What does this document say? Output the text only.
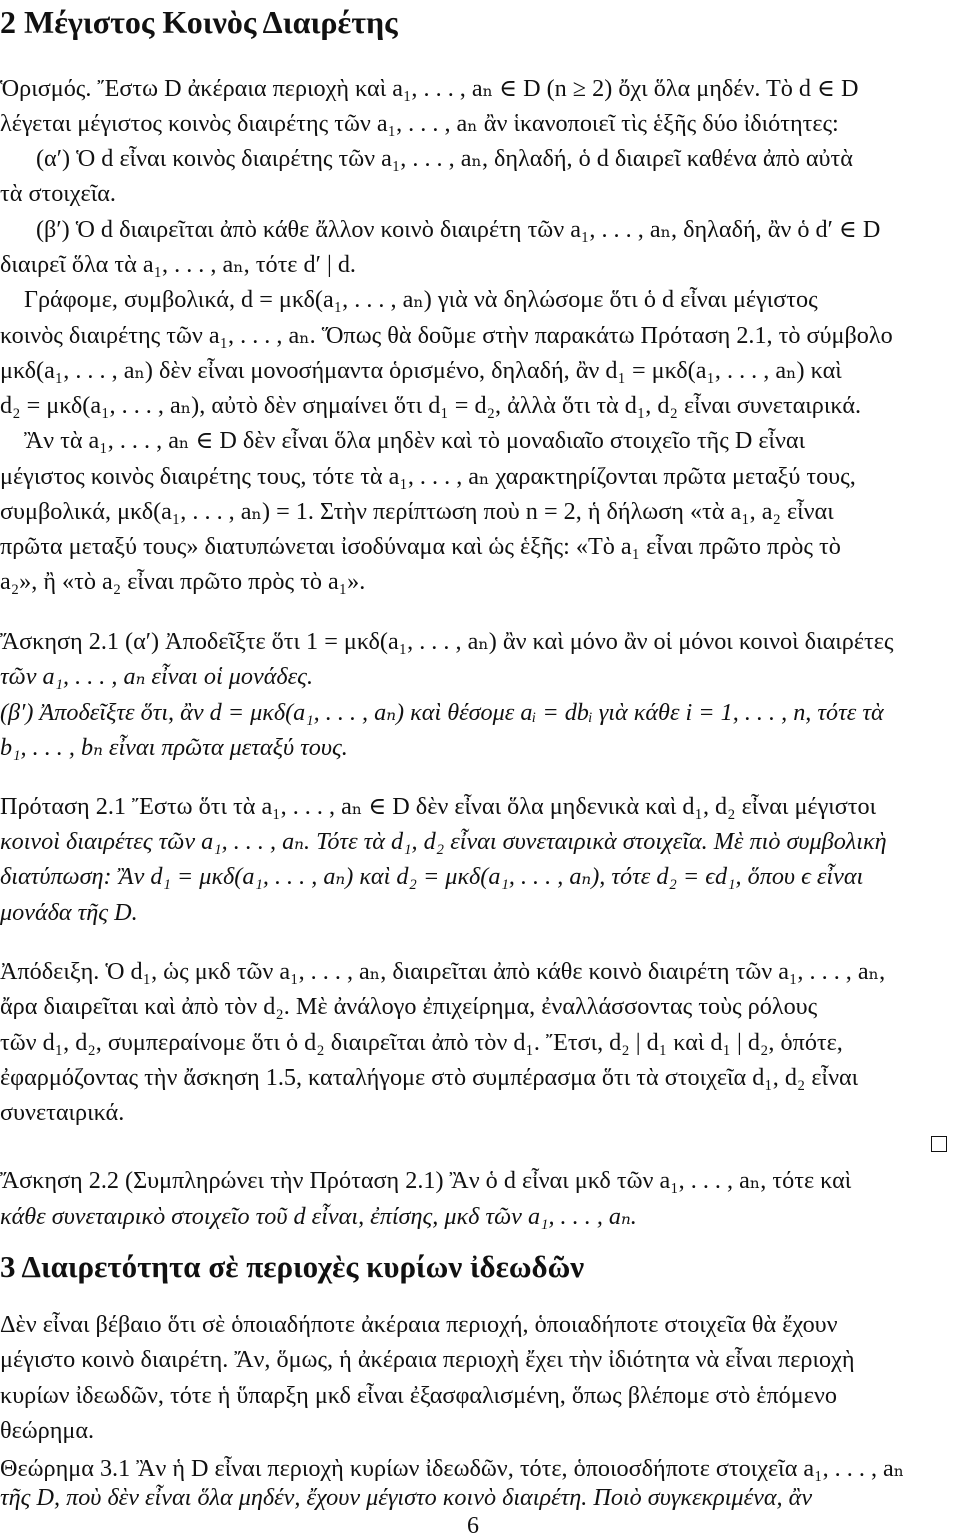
2 Μέγιστος Κοινὸς Διαιρέτης
Ὁρισμός. Ἔστω D ἀκέραια περιοχὴ καὶ a₁, . . . , aₙ ∈ D (n ≥ 2) ὄχι ὅλα μηδέν. Τὸ d ∈ D
λέγεται μέγιστος κοινὸς διαιρέτης τῶν a₁, . . . , aₙ ἂν ἱκανοποιεῖ τὶς ἑξῆς δύο ἰδιότητες:
(α′) Ὁ d εἶναι κοινὸς διαιρέτης τῶν a₁, . . . , aₙ, δηλαδή, ὁ d διαιρεῖ καθένα ἀπὸ αὐτὰ
τὰ στοιχεῖα.
(β′) Ὁ d διαιρεῖται ἀπὸ κάθε ἄλλον κοινὸ διαιρέτη τῶν a₁, . . . , aₙ, δηλαδή, ἂν ὁ d′ ∈ D
διαιρεῖ ὅλα τὰ a₁, . . . , aₙ, τότε d′ | d.
Γράφομε, συμβολικά, d = μκδ(a₁, . . . , aₙ) γιὰ νὰ δηλώσομε ὅτι ὁ d εἶναι μέγιστος
κοινὸς διαιρέτης τῶν a₁, . . . , aₙ. Ὅπως θὰ δοῦμε στὴν παρακάτω Πρόταση 2.1, τὸ σύμβολο
μκδ(a₁, . . . , aₙ) δὲν εἶναι μονοσήμαντα ὁρισμένο, δηλαδή, ἂν d₁ = μκδ(a₁, . . . , aₙ) καὶ
d₂ = μκδ(a₁, . . . , aₙ), αὐτὸ δὲν σημαίνει ὅτι d₁ = d₂, ἀλλὰ ὅτι τὰ d₁, d₂ εἶναι συνεταιρικά.
Ἂν τὰ a₁, . . . , aₙ ∈ D δὲν εἶναι ὅλα μηδὲν καὶ τὸ μοναδιαῖο στοιχεῖο τῆς D εἶναι
μέγιστος κοινὸς διαιρέτης τους, τότε τὰ a₁, . . . , aₙ χαρακτηρίζονται πρῶτα μεταξύ τους,
συμβολικά, μκδ(a₁, . . . , aₙ) = 1. Στὴν περίπτωση ποὺ n = 2, ἡ δήλωση «τὰ a₁, a₂ εἶναι
πρῶτα μεταξύ τους» διατυπώνεται ἰσοδύναμα καὶ ὡς ἑξῆς: «Τὸ a₁ εἶναι πρῶτο πρὸς τὸ
a₂», ἢ «τὸ a₂ εἶναι πρῶτο πρὸς τὸ a₁».
Ἄσκηση 2.1 (α′) Ἀποδεῖξτε ὅτι 1 = μκδ(a₁, . . . , aₙ) ἂν καὶ μόνο ἂν οἱ μόνοι κοινοὶ διαιρέτες
τῶν a₁, . . . , aₙ εἶναι οἱ μονάδες.
(β′) Ἀποδεῖξτε ὅτι, ἂν d = μκδ(a₁, . . . , aₙ) καὶ θέσομε aᵢ = dbᵢ γιὰ κάθε i = 1, . . . , n, τότε τὰ
b₁, . . . , bₙ εἶναι πρῶτα μεταξύ τους.
Πρόταση 2.1 Ἔστω ὅτι τὰ a₁, . . . , aₙ ∈ D δὲν εἶναι ὅλα μηδενικὰ καὶ d₁, d₂ εἶναι μέγιστοι
κοινοὶ διαιρέτες τῶν a₁, . . . , aₙ. Τότε τὰ d₁, d₂ εἶναι συνεταιρικὰ στοιχεῖα. Μὲ πιὸ συμβολικὴ
διατύπωση: Ἂν d₁ = μκδ(a₁, . . . , aₙ) καὶ d₂ = μκδ(a₁, . . . , aₙ), τότε d₂ = ϵd₁, ὅπου ϵ εἶναι
μονάδα τῆς D.
Ἀπόδειξη. Ὁ d₁, ὡς μκδ τῶν a₁, . . . , aₙ, διαιρεῖται ἀπὸ κάθε κοινὸ διαιρέτη τῶν a₁, . . . , aₙ,
ἄρα διαιρεῖται καὶ ἀπὸ τὸν d₂. Μὲ ἀνάλογο ἐπιχείρημα, ἐναλλάσσοντας τοὺς ρόλους
τῶν d₁, d₂, συμπεραίνομε ὅτι ὁ d₂ διαιρεῖται ἀπὸ τὸν d₁. Ἔτσι, d₂ | d₁ καὶ d₁ | d₂, ὁπότε,
ἐφαρμόζοντας τὴν ἄσκηση 1.5, καταλήγομε στὸ συμπέρασμα ὅτι τὰ στοιχεῖα d₁, d₂ εἶναι
συνεταιρικά.
Ἄσκηση 2.2 (Συμπληρώνει τὴν Πρόταση 2.1) Ἂν ὁ d εἶναι μκδ τῶν a₁, . . . , aₙ, τότε καὶ
κάθε συνεταιρικὸ στοιχεῖο τοῦ d εἶναι, ἐπίσης, μκδ τῶν a₁, . . . , aₙ.
3 Διαιρετότητα σὲ περιοχὲς κυρίων ἰδεωδῶν
Δὲν εἶναι βέβαιο ὅτι σὲ ὁποιαδήποτε ἀκέραια περιοχή, ὁποιαδήποτε στοιχεῖα θὰ ἔχουν
μέγιστο κοινὸ διαιρέτη. Ἄν, ὅμως, ἡ ἀκέραια περιοχὴ ἔχει τὴν ἰδιότητα νὰ εἶναι περιοχὴ
κυρίων ἰδεωδῶν, τότε ἡ ὕπαρξη μκδ εἶναι ἐξασφαλισμένη, ὅπως βλέπομε στὸ ἑπόμενο
θεώρημα.
Θεώρημα 3.1 Ἂν ἡ D εἶναι περιοχὴ κυρίων ἰδεωδῶν, τότε, ὁποιοσδήποτε στοιχεῖα a₁, . . . , aₙ
τῆς D, ποὺ δὲν εἶναι ὅλα μηδέν, ἔχουν μέγιστο κοινὸ διαιρέτη. Ποιὸ συγκεκριμένα, ἂν
6
